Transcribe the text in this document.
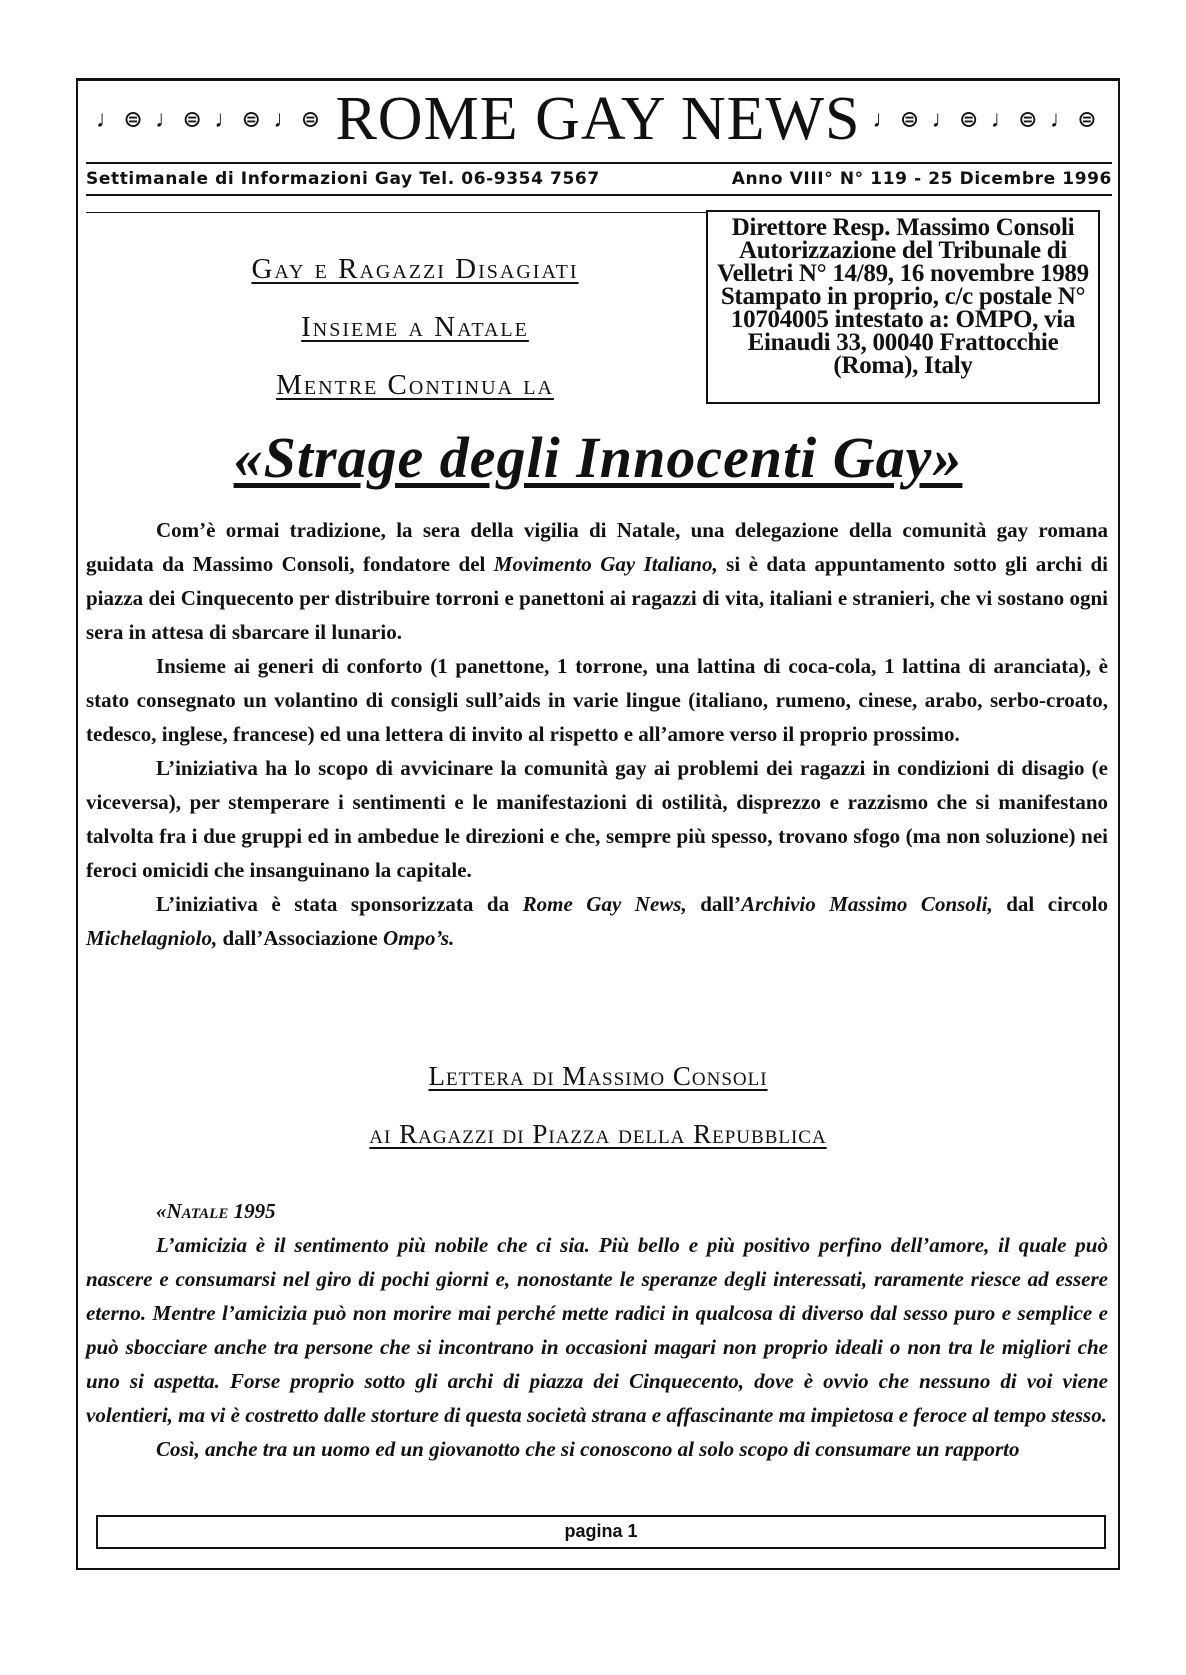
♩⊜ ♩⊜ ♩⊜ ♩⊜ ROME GAY NEWS ♩⊜ ♩⊜ ♩⊜ ♩⊜
Settimanale di Informazioni Gay Tel. 06-9354 7567	Anno VIII° N° 119 - 25 Dicembre 1996
Gay e Ragazzi Disagiati
Insieme a Natale
Mentre Continua la
Direttore Resp. Massimo Consoli Autorizzazione del Tribunale di Velletri N° 14/89, 16 novembre 1989 Stampato in proprio, c/c postale N° 10704005 intestato a: OMPO, via Einaudi 33, 00040 Frattocchie (Roma), Italy
«Strage degli Innocenti Gay»

Com’è ormai tradizione, la sera della vigilia di Natale, una delegazione della comunità gay romana guidata da Massimo Consoli, fondatore del Movimento Gay Italiano, si è data appuntamento sotto gli archi di piazza dei Cinquecento per distribuire torroni e panettoni ai ragazzi di vita, italiani e stranieri, che vi sostano ogni sera in attesa di sbarcare il lunario.

Insieme ai generi di conforto (1 panettone, 1 torrone, una lattina di coca-cola, 1 lattina di aranciata), è stato consegnato un volantino di consigli sull’aids in varie lingue (italiano, rumeno, cinese, arabo, serbo-croato, tedesco, inglese, francese) ed una lettera di invito al rispetto e all’amore verso il proprio prossimo.

L’iniziativa ha lo scopo di avvicinare la comunità gay ai problemi dei ragazzi in condizioni di disagio (e viceversa), per stemperare i sentimenti e le manifestazioni di ostilità, disprezzo e razzismo che si manifestano talvolta fra i due gruppi ed in ambedue le direzioni e che, sempre più spesso, trovano sfogo (ma non soluzione) nei feroci omicidi che insanguinano la capitale.

L’iniziativa è stata sponsorizzata da Rome Gay News, dall’Archivio Massimo Consoli, dal circolo Michelagniolo, dall’Associazione Ompo’s.

Lettera di Massimo Consoli
ai Ragazzi di Piazza della Repubblica

«Natale 1995

L’amicizia è il sentimento più nobile che ci sia. Più bello e più positivo perfino dell’amore, il quale può nascere e consumarsi nel giro di pochi giorni e, nonostante le speranze degli interessati, raramente riesce ad essere eterno. Mentre l’amicizia può non morire mai perché mette radici in qualcosa di diverso dal sesso puro e semplice e può sbocciare anche tra persone che si incontrano in occasioni magari non proprio ideali o non tra le migliori che uno si aspetta. Forse proprio sotto gli archi di piazza dei Cinquecento, dove è ovvio che nessuno di voi viene volentieri, ma vi è costretto dalle storture di questa società strana e affascinante ma impietosa e feroce al tempo stesso.

Così, anche tra un uomo ed un giovanotto che si conoscono al solo scopo di consumare un rapporto

pagina 1
